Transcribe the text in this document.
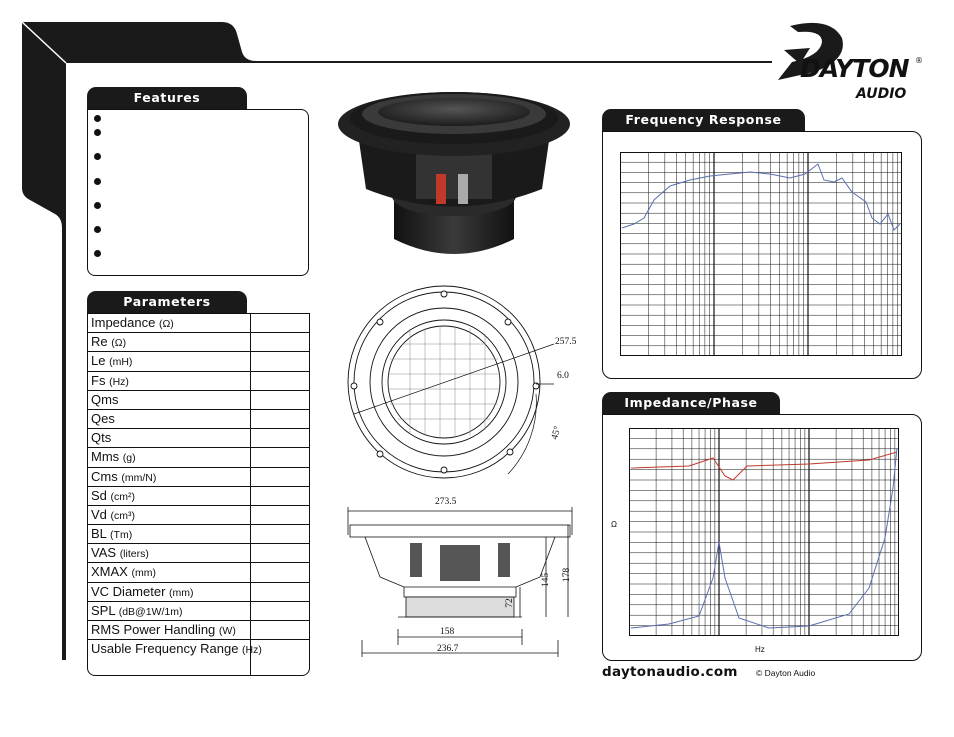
DAYTON ®
AUDIO
Features
Parameters
Impedance (Ω)
Re (Ω)
Le (mH)
Fs (Hz)
Qms
Qes
Qts
Mms (g)
Cms (mm/N)
Sd (cm²)
Vd (cm³)
BL (Tm)
VAS (liters)
XMAX (mm)
VC Diameter (mm)
SPL (dB@1W/1m)
RMS Power Handling (W)
Usable Frequency Range (Hz)
257.5
6.0
45°
273.5
178
145
72
158
236.7
Frequency Response
Impedance/Phase
Ω
Hz
daytonaudio.com © Dayton Audio
